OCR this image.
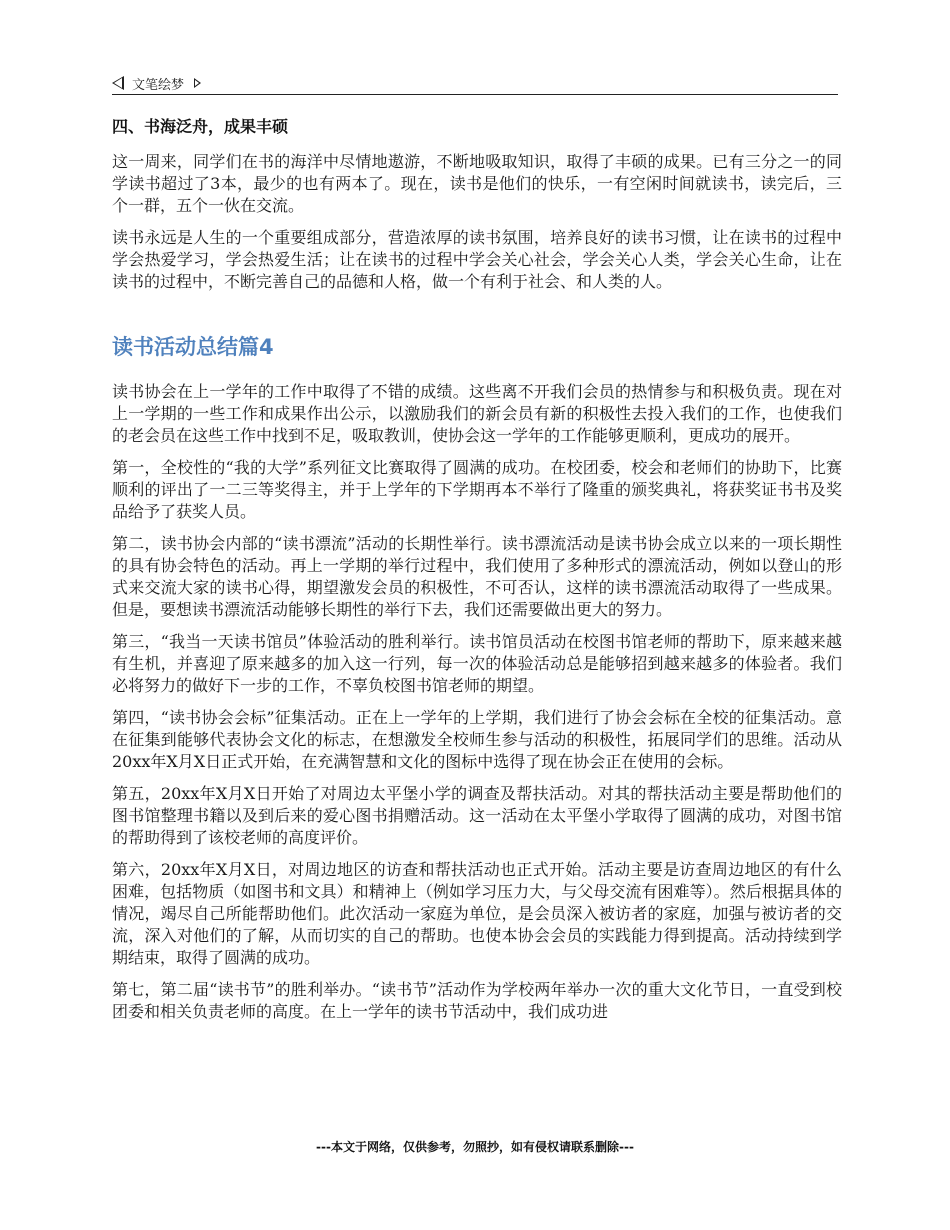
文笔绘梦
四、书海泛舟，成果丰硕

这一周来，同学们在书的海洋中尽情地遨游，不断地吸取知识，取得了丰硕的成果。已有三分之一的同学读书超过了3本，最少的也有两本了。现在，读书是他们的快乐，一有空闲时间就读书，读完后，三个一群，五个一伙在交流。

读书永远是人生的一个重要组成部分，营造浓厚的读书氛围，培养良好的读书习惯，让在读书的过程中学会热爱学习，学会热爱生活；让在读书的过程中学会关心社会，学会关心人类，学会关心生命，让在读书的过程中，不断完善自己的品德和人格，做一个有利于社会、和人类的人。

读书活动总结篇4

读书协会在上一学年的工作中取得了不错的成绩。这些离不开我们会员的热情参与和积极负责。现在对上一学期的一些工作和成果作出公示，以激励我们的新会员有新的积极性去投入我们的工作，也使我们的老会员在这些工作中找到不足，吸取教训，使协会这一学年的工作能够更顺利，更成功的展开。

第一，全校性的“我的大学”系列征文比赛取得了圆满的成功。在校团委，校会和老师们的协助下，比赛顺利的评出了一二三等奖得主，并于上学年的下学期再本不举行了隆重的颁奖典礼，将获奖证书书及奖品给予了获奖人员。

第二，读书协会内部的“读书漂流”活动的长期性举行。读书漂流活动是读书协会成立以来的一项长期性的具有协会特色的活动。再上一学期的举行过程中，我们使用了多种形式的漂流活动，例如以登山的形式来交流大家的读书心得，期望激发会员的积极性，不可否认，这样的读书漂流活动取得了一些成果。但是，要想读书漂流活动能够长期性的举行下去，我们还需要做出更大的努力。

第三，“我当一天读书馆员”体验活动的胜利举行。读书馆员活动在校图书馆老师的帮助下，原来越来越有生机，并喜迎了原来越多的加入这一行列，每一次的体验活动总是能够招到越来越多的体验者。我们必将努力的做好下一步的工作，不辜负校图书馆老师的期望。

第四，“读书协会会标”征集活动。正在上一学年的上学期，我们进行了协会会标在全校的征集活动。意在征集到能够代表协会文化的标志，在想激发全校师生参与活动的积极性，拓展同学们的思维。活动从20xx年X月X日正式开始，在充满智慧和文化的图标中选得了现在协会正在使用的会标。

第五，20xx年X月X日开始了对周边太平堡小学的调查及帮扶活动。对其的帮扶活动主要是帮助他们的图书馆整理书籍以及到后来的爱心图书捐赠活动。这一活动在太平堡小学取得了圆满的成功，对图书馆的帮助得到了该校老师的高度评价。

第六，20xx年X月X日，对周边地区的访查和帮扶活动也正式开始。活动主要是访查周边地区的有什么困难，包括物质（如图书和文具）和精神上（例如学习压力大，与父母交流有困难等）。然后根据具体的情况，竭尽自己所能帮助他们。此次活动一家庭为单位，是会员深入被访者的家庭，加强与被访者的交流，深入对他们的了解，从而切实的自己的帮助。也使本协会会员的实践能力得到提高。活动持续到学期结束，取得了圆满的成功。

第七，第二届“读书节”的胜利举办。“读书节”活动作为学校两年举办一次的重大文化节日，一直受到校团委和相关负责老师的高度。在上一学年的读书节活动中，我们成功进

---本文于网络，仅供参考，勿照抄，如有侵权请联系删除---
